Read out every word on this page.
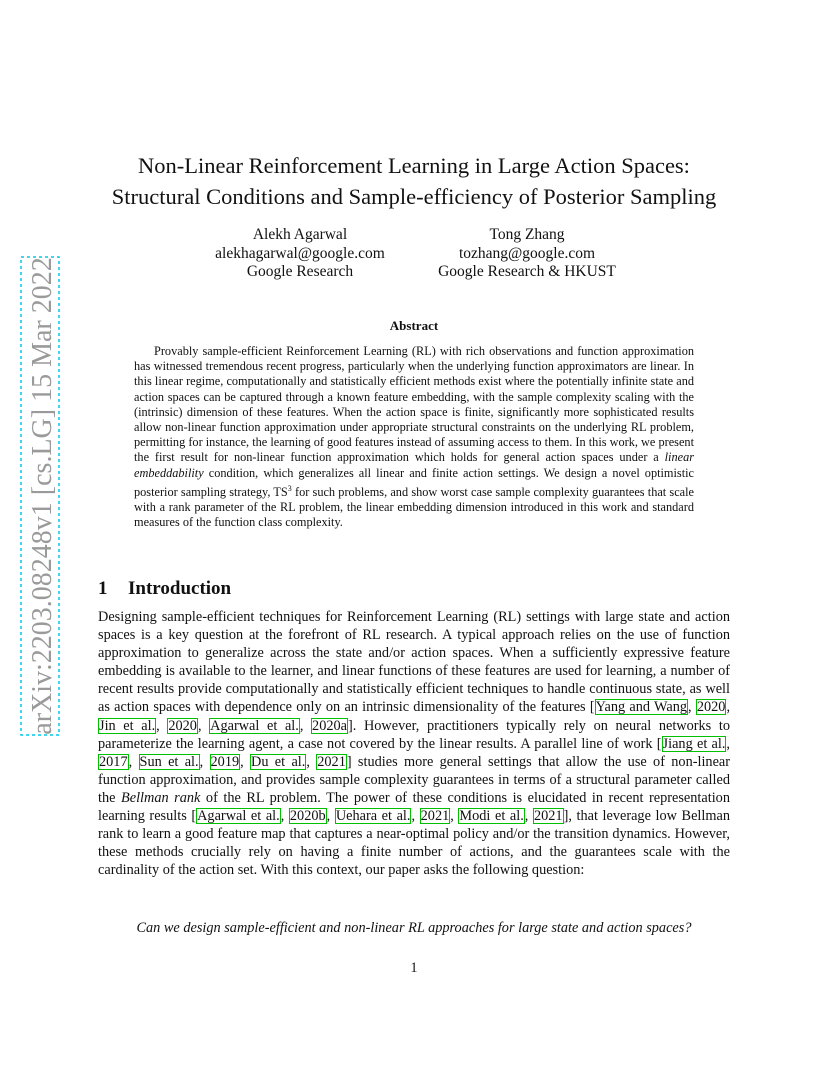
arXiv:2203.08248v1 [cs.LG] 15 Mar 2022
Non-Linear Reinforcement Learning in Large Action Spaces:
Structural Conditions and Sample-efficiency of Posterior Sampling
Alekh Agarwal
alekhagarwal@google.com
Google Research
Tong Zhang
tozhang@google.com
Google Research & HKUST
Abstract
Provably sample-efficient Reinforcement Learning (RL) with rich observations and function approximation has witnessed tremendous recent progress, particularly when the underlying function approximators are linear. In this linear regime, computationally and statistically efficient methods exist where the potentially infinite state and action spaces can be captured through a known feature embedding, with the sample complexity scaling with the (intrinsic) dimension of these features. When the action space is finite, significantly more sophisticated results allow non-linear function approximation under appropriate structural constraints on the underlying RL problem, permitting for instance, the learning of good features instead of assuming access to them. In this work, we present the first result for non-linear function approximation which holds for general action spaces under a linear embeddability condition, which generalizes all linear and finite action settings. We design a novel optimistic posterior sampling strategy, $TS^3$ for such problems, and show worst case sample complexity guarantees that scale with a rank parameter of the RL problem, the linear embedding dimension introduced in this work and standard measures of the function class complexity.
1 Introduction
Designing sample-efficient techniques for Reinforcement Learning (RL) settings with large state and action spaces is a key question at the forefront of RL research. A typical approach relies on the use of function approximation to generalize across the state and/or action spaces. When a sufficiently expressive feature embedding is available to the learner, and linear functions of these features are used for learning, a number of recent results provide computationally and statistically efficient techniques to handle continuous state, as well as action spaces with dependence only on an intrinsic dimensionality of the features [Yang and Wang, 2020, Jin et al., 2020, Agarwal et al., 2020a]. However, practitioners typically rely on neural networks to parameterize the learning agent, a case not covered by the linear results. A parallel line of work [Jiang et al., 2017, Sun et al., 2019, Du et al., 2021] studies more general settings that allow the use of non-linear function approximation, and provides sample complexity guarantees in terms of a structural parameter called the Bellman rank of the RL problem. The power of these conditions is elucidated in recent representation learning results [Agarwal et al., 2020b, Uehara et al., 2021, Modi et al., 2021], that leverage low Bellman rank to learn a good feature map that captures a near-optimal policy and/or the transition dynamics. However, these methods crucially rely on having a finite number of actions, and the guarantees scale with the cardinality of the action set. With this context, our paper asks the following question:
Can we design sample-efficient and non-linear RL approaches for large state and action spaces?
1
